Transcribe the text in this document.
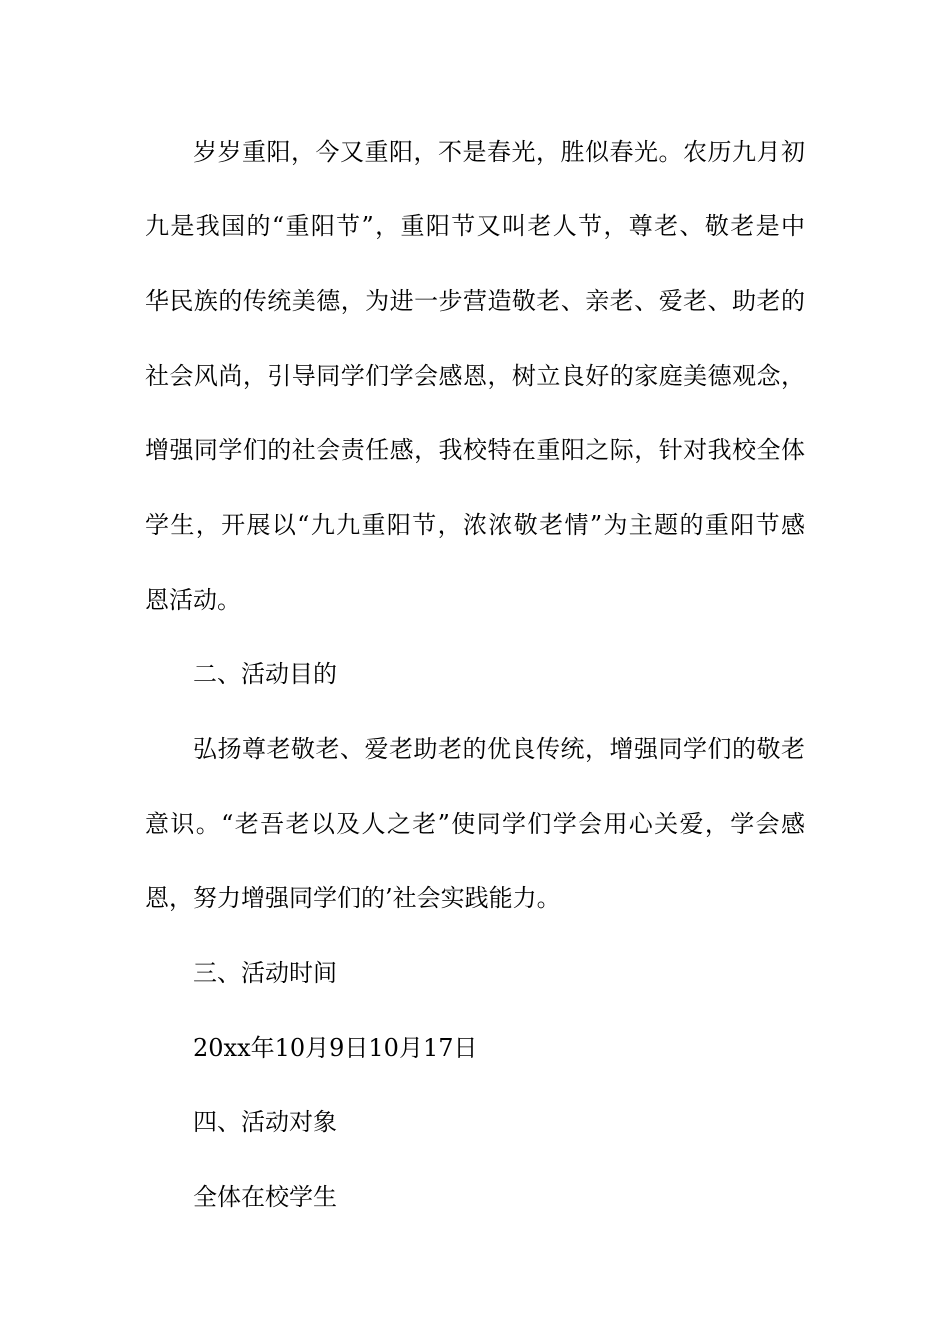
岁岁重阳，今又重阳，不是春光，胜似春光。农历九月初
九是我国的“重阳节”，重阳节又叫老人节，尊老、敬老是中
华民族的传统美德，为进一步营造敬老、亲老、爱老、助老的
社会风尚，引导同学们学会感恩，树立良好的家庭美德观念，
增强同学们的社会责任感，我校特在重阳之际，针对我校全体
学生，开展以“九九重阳节，浓浓敬老情”为主题的重阳节感
恩活动。
二、活动目的
弘扬尊老敬老、爱老助老的优良传统，增强同学们的敬老
意识。“老吾老以及人之老”使同学们学会用心关爱，学会感
恩，努力增强同学们的’社会实践能力。
三、活动时间
20xx年10月9日10月17日
四、活动对象
全体在校学生
